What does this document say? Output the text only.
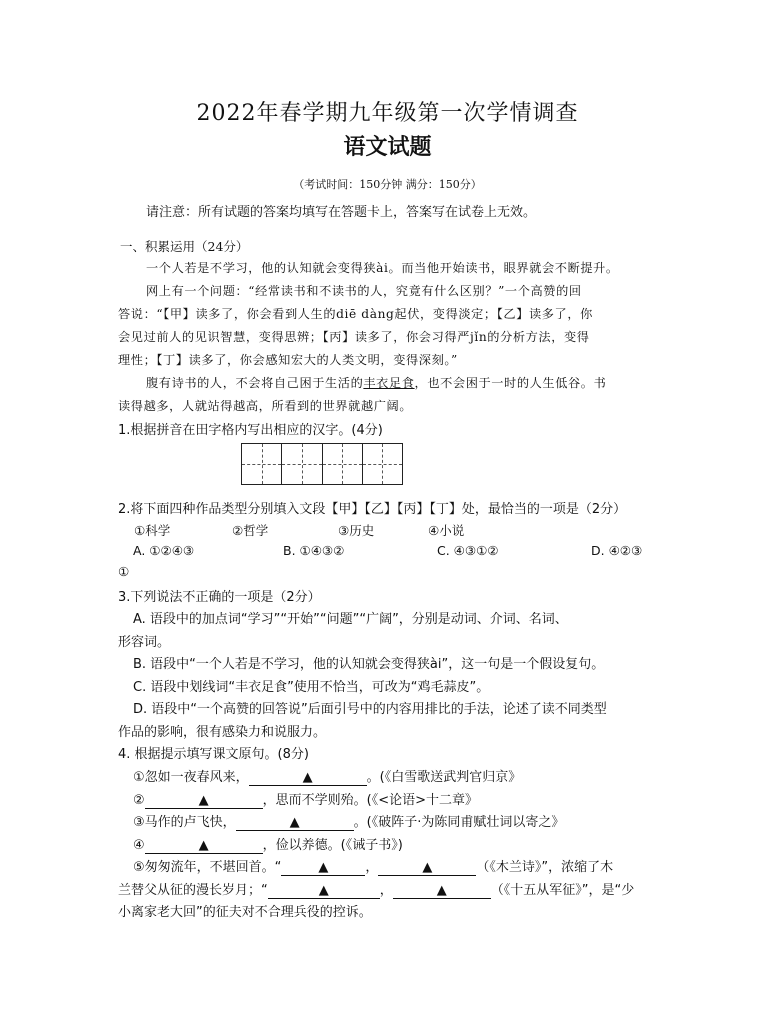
2022年春学期九年级第一次学情调查
语文试题
（考试时间：150分钟 满分：150分）
请注意：所有试题的答案均填写在答题卡上，答案写在试卷上无效。
一、积累运用（24分）
一个人若是不学习，他的认知就会变得狭ài。而当他开始读书，眼界就会不断提升。
网上有一个问题：“经常读书和不读书的人，究竟有什么区别？”一个高赞的回
答说：“【甲】读多了，你会看到人生的diē dàng起伏，变得淡定；【乙】读多了，你
会见过前人的见识智慧，变得思辨；【丙】读多了，你会习得严jǐn的分析方法，变得
理性；【丁】读多了，你会感知宏大的人类文明，变得深刻。”
腹有诗书的人，不会将自己困于生活的丰衣足食，也不会困于一时的人生低谷。书
读得越多，人就站得越高，所看到的世界就越广阔。
1.根据拼音在田字格内写出相应的汉字。(4分)
2.将下面四种作品类型分别填入文段【甲】【乙】【丙】【丁】处，最恰当的一项是（2分）
①科学	②哲学	③历史	④小说
A. ①②④③	B. ①④③②	C. ④③①②	D. ④②③
①
3.下列说法不正确的一项是（2分）
A. 语段中的加点词“学习”“开始”“问题”“广阔”，分别是动词、介词、名词、
形容词。
B. 语段中“一个人若是不学习，他的认知就会变得狭ài”，这一句是一个假设复句。
C. 语段中划线词“丰衣足食”使用不恰当，可改为“鸡毛蒜皮”。
D. 语段中“一个高赞的回答说”后面引号中的内容用排比的手法，论述了读不同类型
作品的影响，很有感染力和说服力。
4. 根据提示填写课文原句。(8分)
①忽如一夜春风来，	▲	。(《白雪歌送武判官归京》
②	▲	，思而不学则殆。(《<论语>十二章》
③马作的卢飞快，	▲	。(《破阵子·为陈同甫赋壮词以寄之》
④	▲	，俭以养德。(《诫子书》)
⑤匆匆流年，不堪回首。“	▲	，	▲	（《木兰诗》”，浓缩了木
兰替父从征的漫长岁月；“	▲	，	▲	（《十五从军征》”，是“少
小离家老大回”的征夫对不合理兵役的控诉。
